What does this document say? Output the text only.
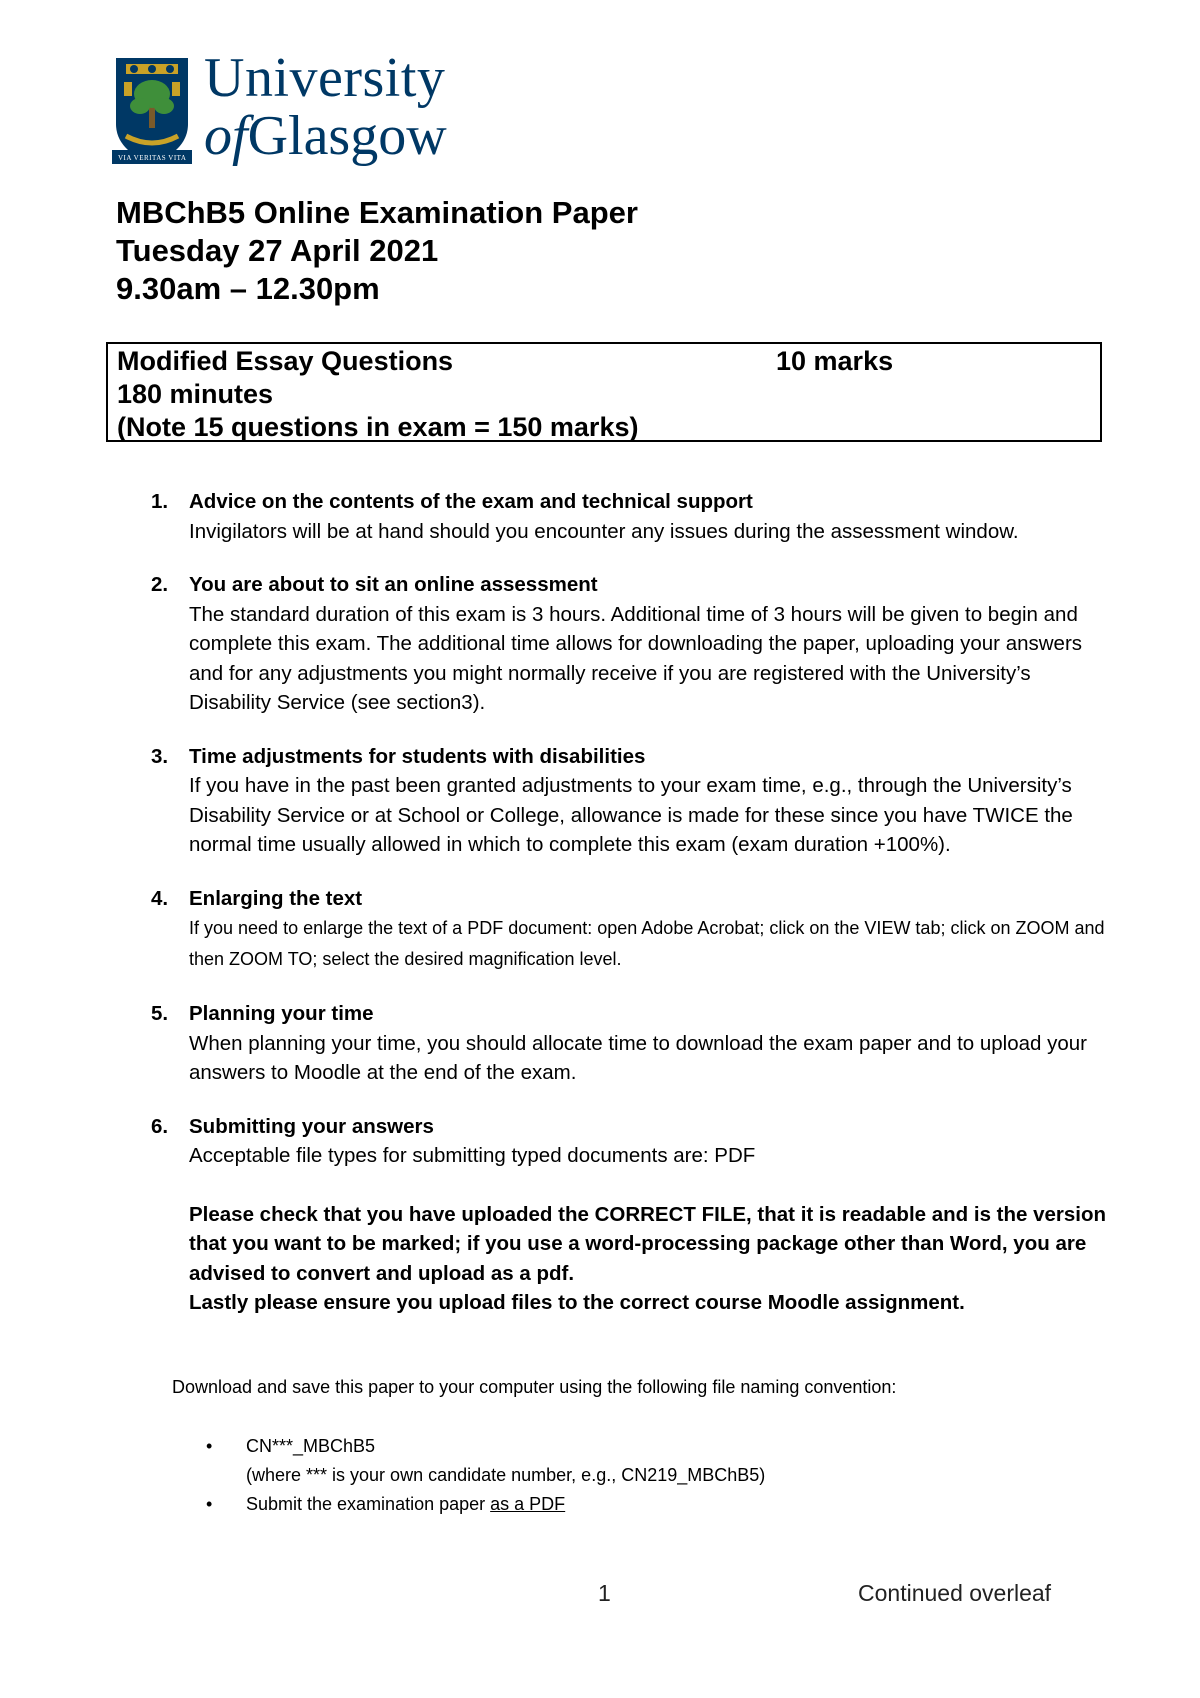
VIA VERITAS VITA
University
ofGlasgow
MBChB5 Online Examination Paper
Tuesday 27 April 2021
9.30am – 12.30pm
Modified Essay Questions	10 marks
180 minutes
(Note 15 questions in exam = 150 marks)
1. Advice on the contents of the exam and technical support
Invigilators will be at hand should you encounter any issues during the assessment window.
2. You are about to sit an online assessment
The standard duration of this exam is 3 hours. Additional time of 3 hours will be given to begin and complete this exam. The additional time allows for downloading the paper, uploading your answers and for any adjustments you might normally receive if you are registered with the University’s Disability Service (see section3).
3. Time adjustments for students with disabilities
If you have in the past been granted adjustments to your exam time, e.g., through the University’s Disability Service or at School or College, allowance is made for these since you have TWICE the normal time usually allowed in which to complete this exam (exam duration +100%).
4. Enlarging the text
If you need to enlarge the text of a PDF document: open Adobe Acrobat; click on the VIEW tab; click on ZOOM and then ZOOM TO; select the desired magnification level.
5. Planning your time
When planning your time, you should allocate time to download the exam paper and to upload your answers to Moodle at the end of the exam.
6. Submitting your answers
Acceptable file types for submitting typed documents are: PDF
Please check that you have uploaded the CORRECT FILE, that it is readable and is the version that you want to be marked; if you use a word-processing package other than Word, you are advised to convert and upload as a pdf.
Lastly please ensure you upload files to the correct course Moodle assignment.
Download and save this paper to your computer using the following file naming convention:
• CN***_MBChB5
(where *** is your own candidate number, e.g., CN219_MBChB5)
• Submit the examination paper as a PDF
1	Continued overleaf
